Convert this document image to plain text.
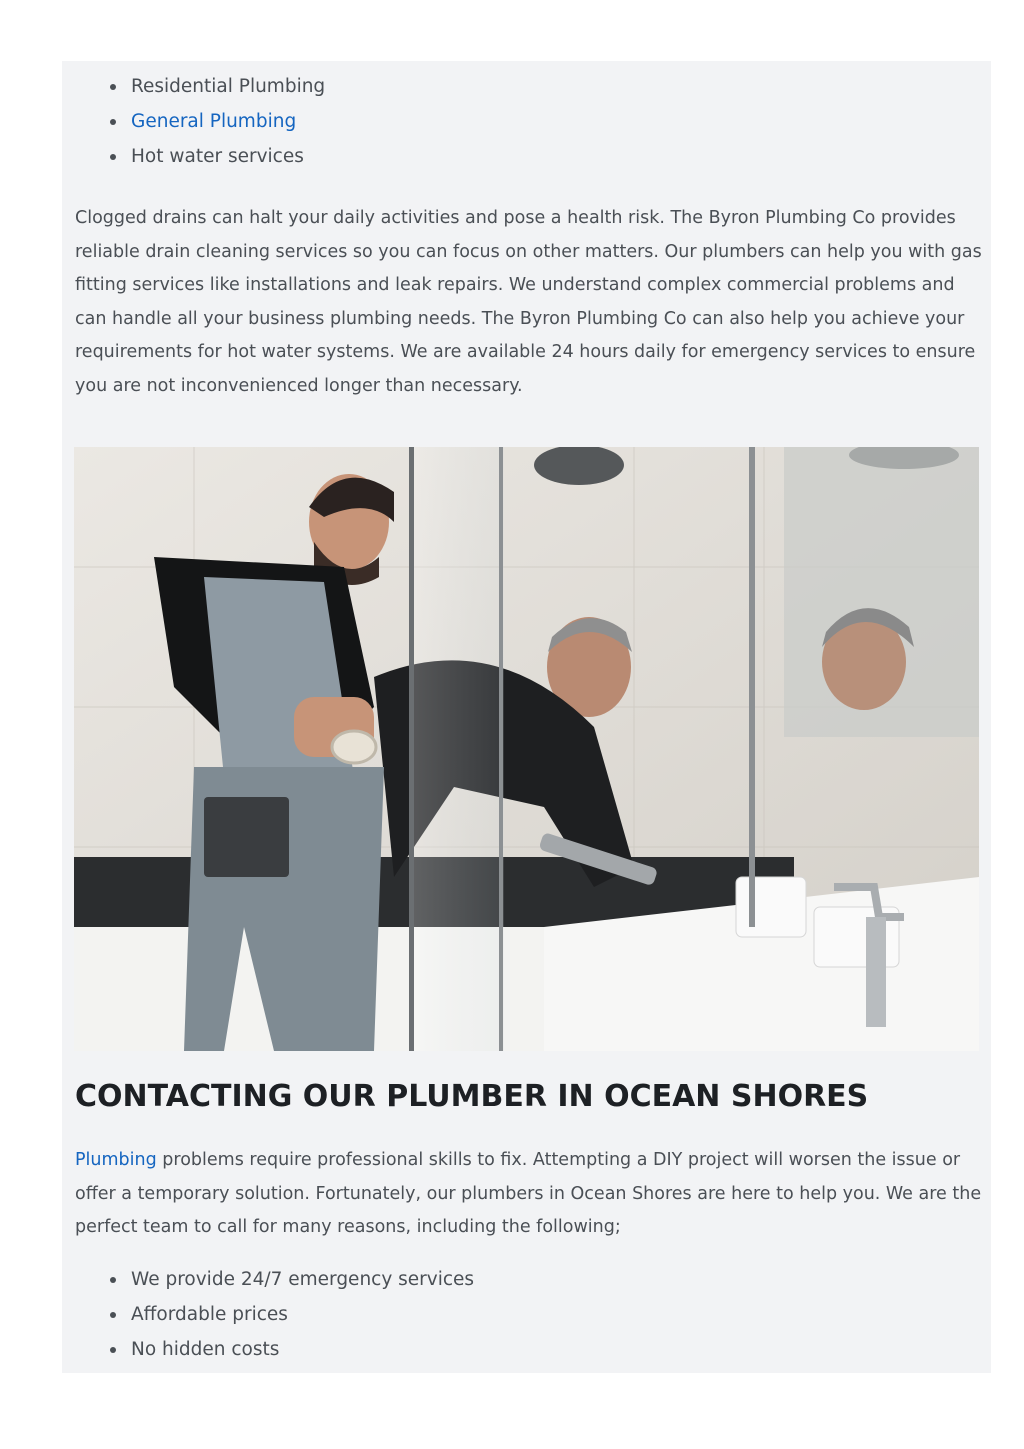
Residential Plumbing
General Plumbing
Hot water services

Clogged drains can halt your daily activities and pose a health risk. The Byron Plumbing Co provides reliable drain cleaning services so you can focus on other matters. Our plumbers can help you with gas fitting services like installations and leak repairs. We understand complex commercial problems and can handle all your business plumbing needs. The Byron Plumbing Co can also help you achieve your requirements for hot water systems. We are available 24 hours daily for emergency services to ensure you are not inconvenienced longer than necessary.

CONTACTING OUR PLUMBER IN OCEAN SHORES

Plumbing problems require professional skills to fix. Attempting a DIY project will worsen the issue or offer a temporary solution. Fortunately, our plumbers in Ocean Shores are here to help you. We are the perfect team to call for many reasons, including the following;

We provide 24/7 emergency services
Affordable prices
No hidden costs
